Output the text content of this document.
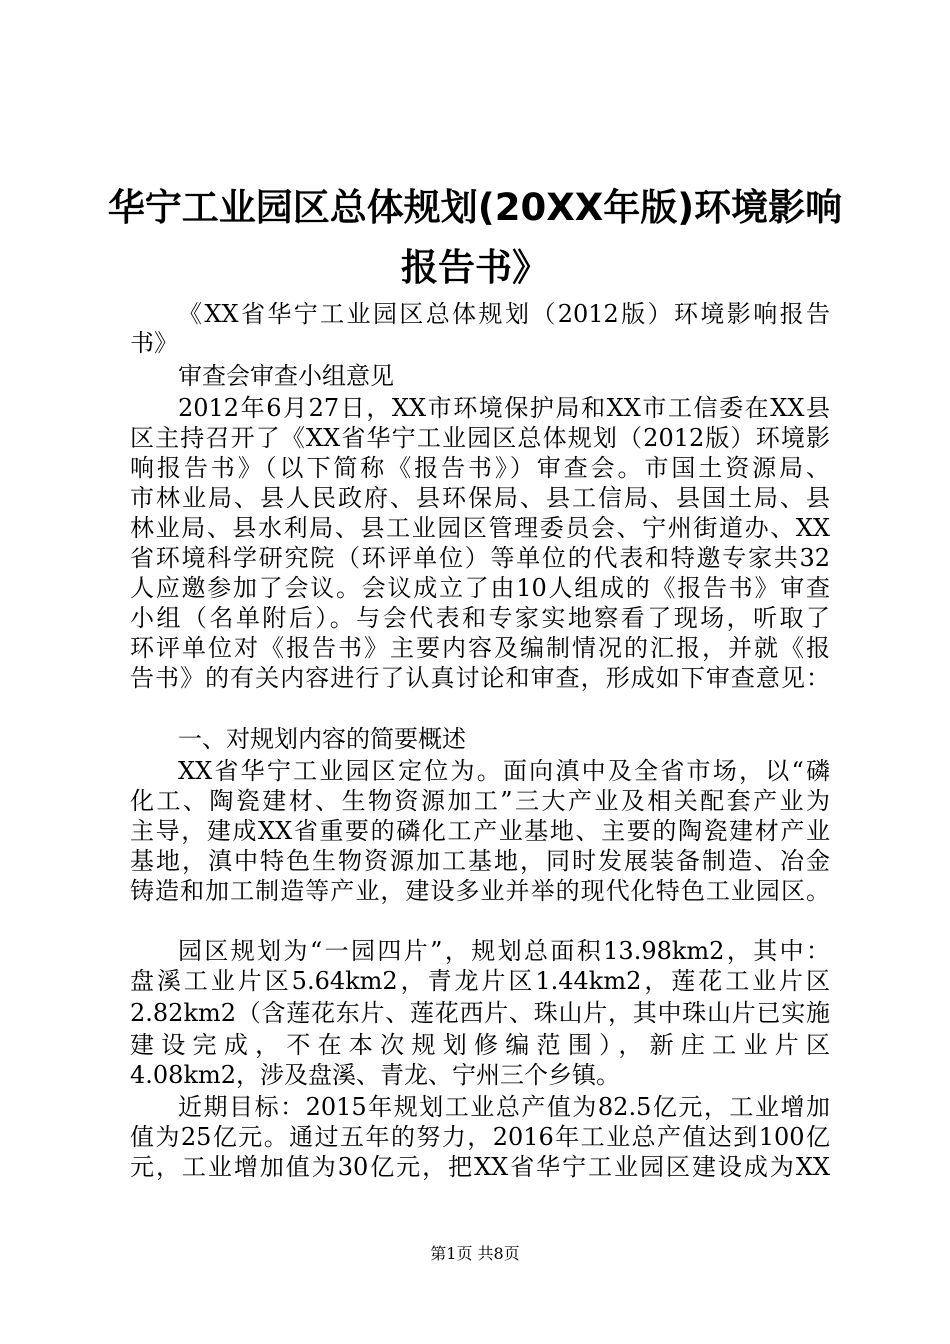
华宁工业园区总体规划(20XX年版)环境影响
报告书》
《XX省华宁工业园区总体规划（2012版）环境影响报告
书》
审查会审查小组意见
2012年6月27日，XX市环境保护局和XX市工信委在XX县
区主持召开了《XX省华宁工业园区总体规划（2012版）环境影
响报告书》（以下简称《报告书》）审查会。市国土资源局、
市林业局、县人民政府、县环保局、县工信局、县国土局、县
林业局、县水利局、县工业园区管理委员会、宁州街道办、XX
省环境科学研究院（环评单位）等单位的代表和特邀专家共32
人应邀参加了会议。会议成立了由10人组成的《报告书》审查
小组（名单附后）。与会代表和专家实地察看了现场，听取了
环评单位对《报告书》主要内容及编制情况的汇报，并就《报
告书》的有关内容进行了认真讨论和审查，形成如下审查意见：
一、对规划内容的简要概述
XX省华宁工业园区定位为。面向滇中及全省市场，以“磷
化工、陶瓷建材、生物资源加工”三大产业及相关配套产业为
主导，建成XX省重要的磷化工产业基地、主要的陶瓷建材产业
基地，滇中特色生物资源加工基地，同时发展装备制造、冶金
铸造和加工制造等产业，建设多业并举的现代化特色工业园区。
园区规划为“一园四片”，规划总面积13.98km2，其中：
盘溪工业片区5.64km2，青龙片区1.44km2，莲花工业片区
2.82km2（含莲花东片、莲花西片、珠山片，其中珠山片已实施
建设完成，不在本次规划修编范围），新庄工业片区
4.08km2，涉及盘溪、青龙、宁州三个乡镇。
近期目标：2015年规划工业总产值为82.5亿元，工业增加
值为25亿元。通过五年的努力，2016年工业总产值达到100亿
元，工业增加值为30亿元，把XX省华宁工业园区建设成为XX
第1页 共8页
